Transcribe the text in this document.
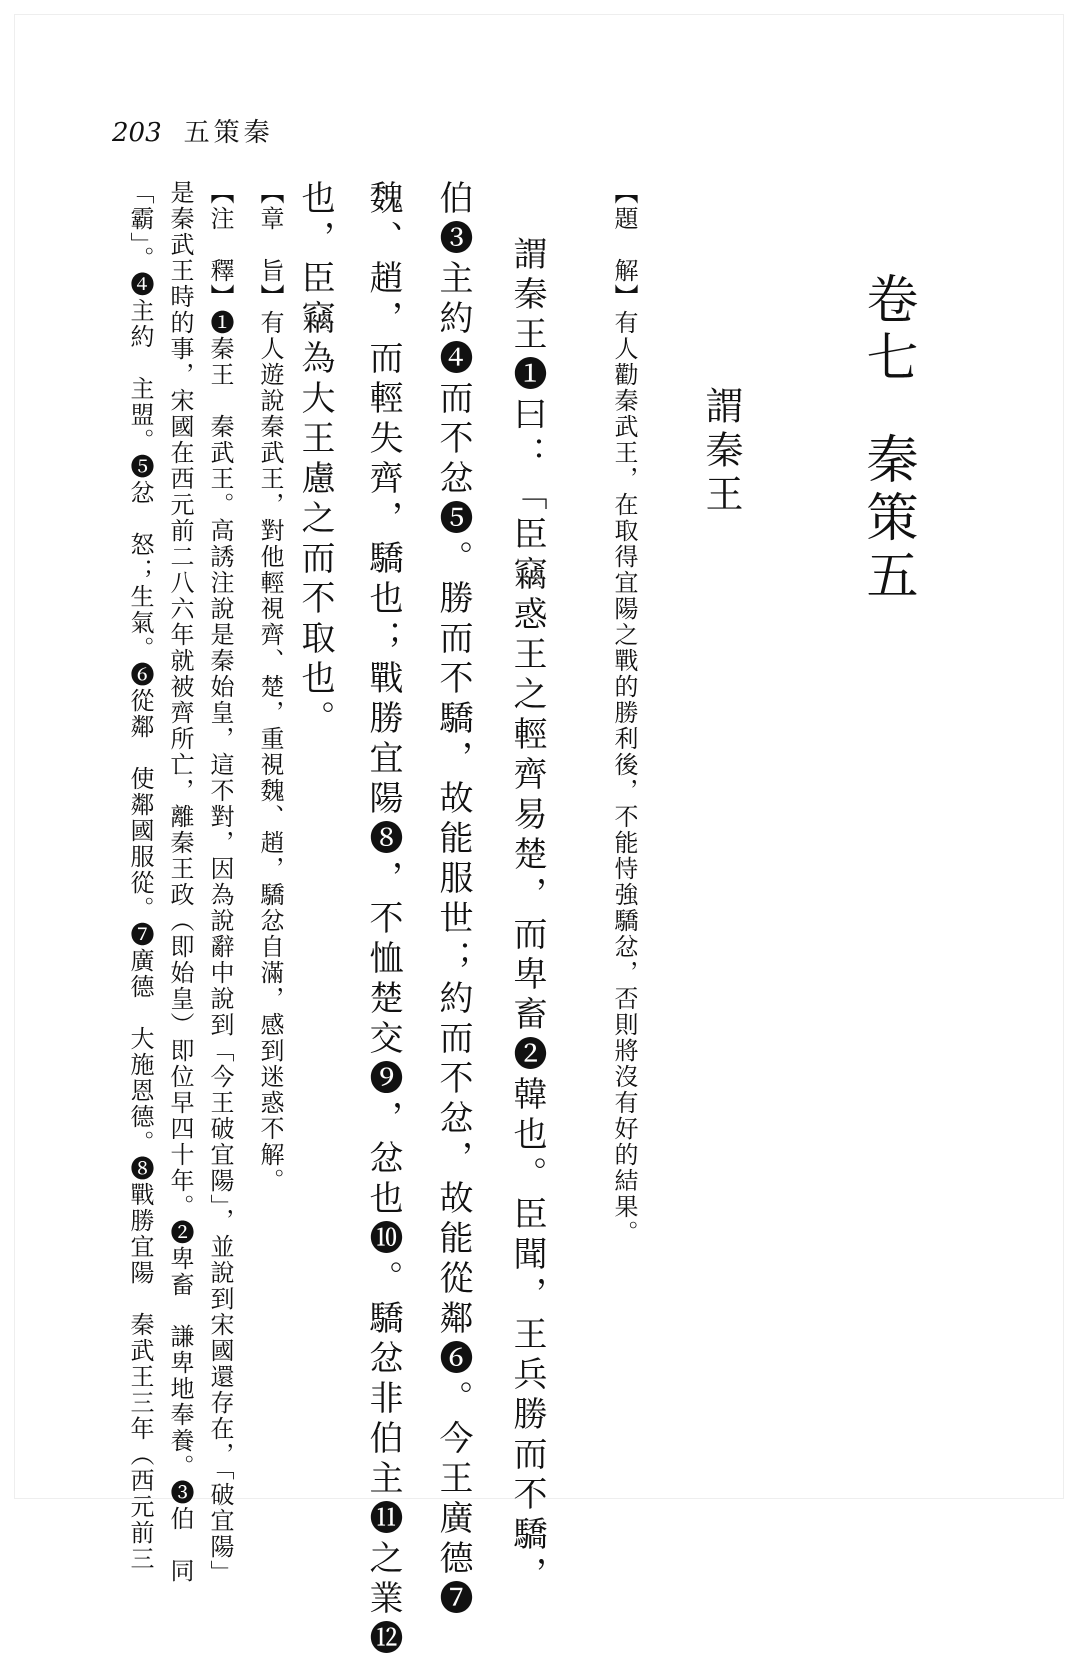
203 五策秦
卷七秦策五
謂秦王
【題　解】有人勸秦武王，在取得宜陽之戰的勝利後，不能恃強驕忿，否則將沒有好的結果。
謂秦王❶曰：「臣竊惑王之輕齊易楚，而卑畜❷韓也。臣聞，王兵勝而不驕，
伯❸主約❹而不忿❺。勝而不驕，故能服世；約而不忿，故能從鄰❻。今王廣德❼
魏、趙，而輕失齊，驕也；戰勝宜陽❽，不恤楚交❾，忿也❿。驕忿非伯主⓫之業⓬
也，臣竊為大王慮之而不取也。
【章　旨】有人遊說秦武王，對他輕視齊、楚，重視魏、趙，驕忿自滿，感到迷惑不解。
【注　釋】❶秦王　秦武王。高誘注說是秦始皇，這不對，因為說辭中說到「今王破宜陽」，並說到宋國還存在，「破宜陽」
是秦武王時的事，宋國在西元前二八六年就被齊所亡，離秦王政（即始皇）即位早四十年。❷卑畜　謙卑地奉養。❸伯　同
「霸」。❹主約　主盟。❺忿　怒；生氣。❻從鄰　使鄰國服從。❼廣德　大施恩德。❽戰勝宜陽　秦武王三年（西元前三
